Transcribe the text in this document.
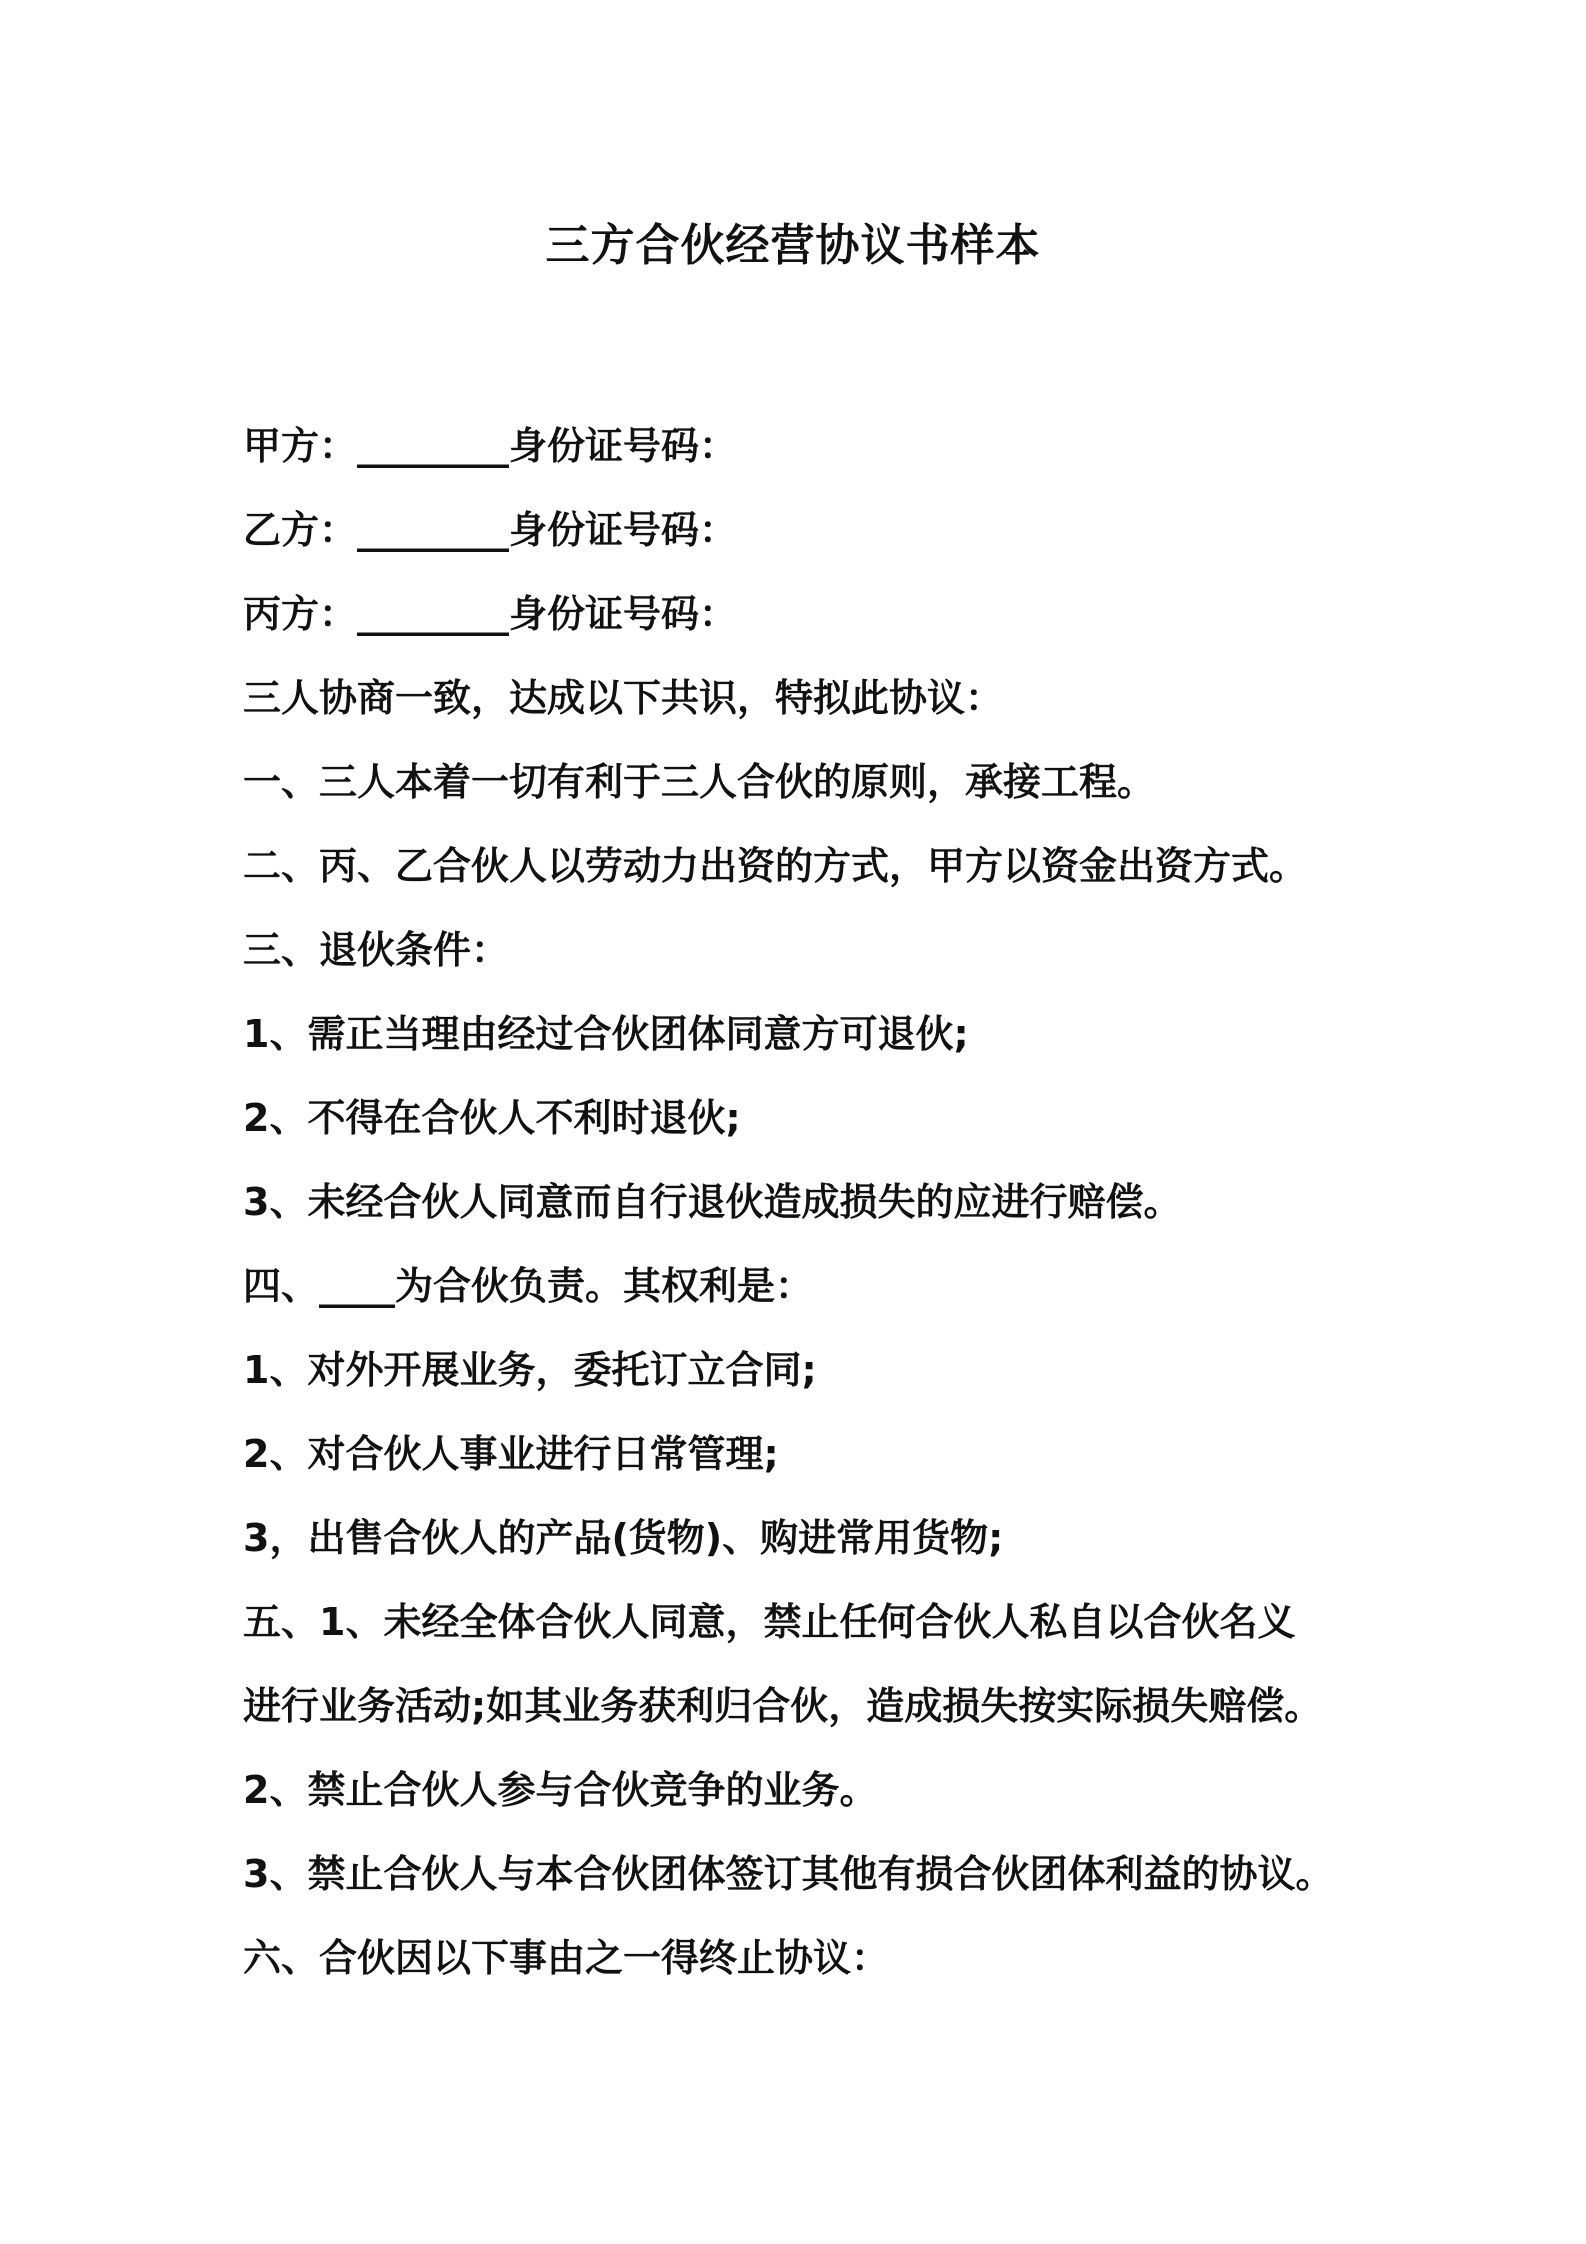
三方合伙经营协议书样本
甲方：________身份证号码：
乙方：________身份证号码：
丙方：________身份证号码：
三人协商一致，达成以下共识，特拟此协议：
一、三人本着一切有利于三人合伙的原则，承接工程。
二、丙、乙合伙人以劳动力出资的方式，甲方以资金出资方式。
三、退伙条件：
1、需正当理由经过合伙团体同意方可退伙;
2、不得在合伙人不利时退伙;
3、未经合伙人同意而自行退伙造成损失的应进行赔偿。
四、____为合伙负责。其权利是：
1、对外开展业务，委托订立合同;
2、对合伙人事业进行日常管理;
3，出售合伙人的产品(货物)、购进常用货物;
五、1、未经全体合伙人同意，禁止任何合伙人私自以合伙名义
进行业务活动;如其业务获利归合伙，造成损失按实际损失赔偿。
2、禁止合伙人参与合伙竞争的业务。
3、禁止合伙人与本合伙团体签订其他有损合伙团体利益的协议。
六、合伙因以下事由之一得终止协议：
